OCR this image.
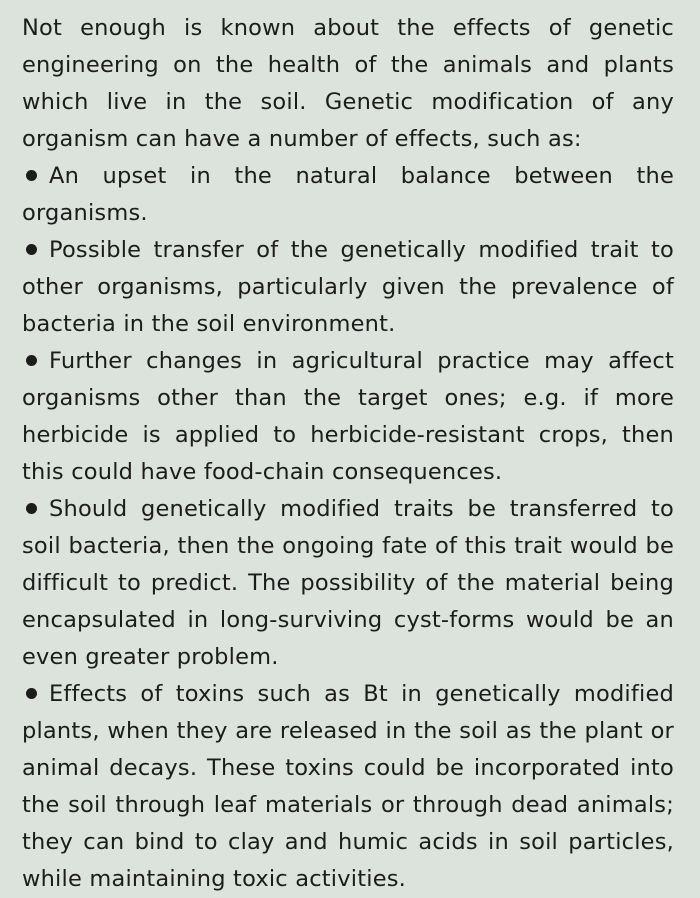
Not enough is known about the effects of genetic engineering on the health of the animals and plants which live in the soil. Genetic modification of any organism can have a number of effects, such as:

An upset in the natural balance between the organisms.

Possible transfer of the genetically modified trait to other organisms, particularly given the prevalence of bacteria in the soil environment.

Further changes in agricultural practice may affect organisms other than the target ones; e.g. if more herbicide is applied to herbicide-resistant crops, then this could have food-chain consequences.

Should genetically modified traits be transferred to soil bacteria, then the ongoing fate of this trait would be difficult to predict. The possibility of the material being encapsulated in long-surviving cyst-forms would be an even greater problem.

Effects of toxins such as Bt in genetically modified plants, when they are released in the soil as the plant or animal decays. These toxins could be incorporated into the soil through leaf materials or through dead animals; they can bind to clay and humic acids in soil particles, while maintaining toxic activities.
